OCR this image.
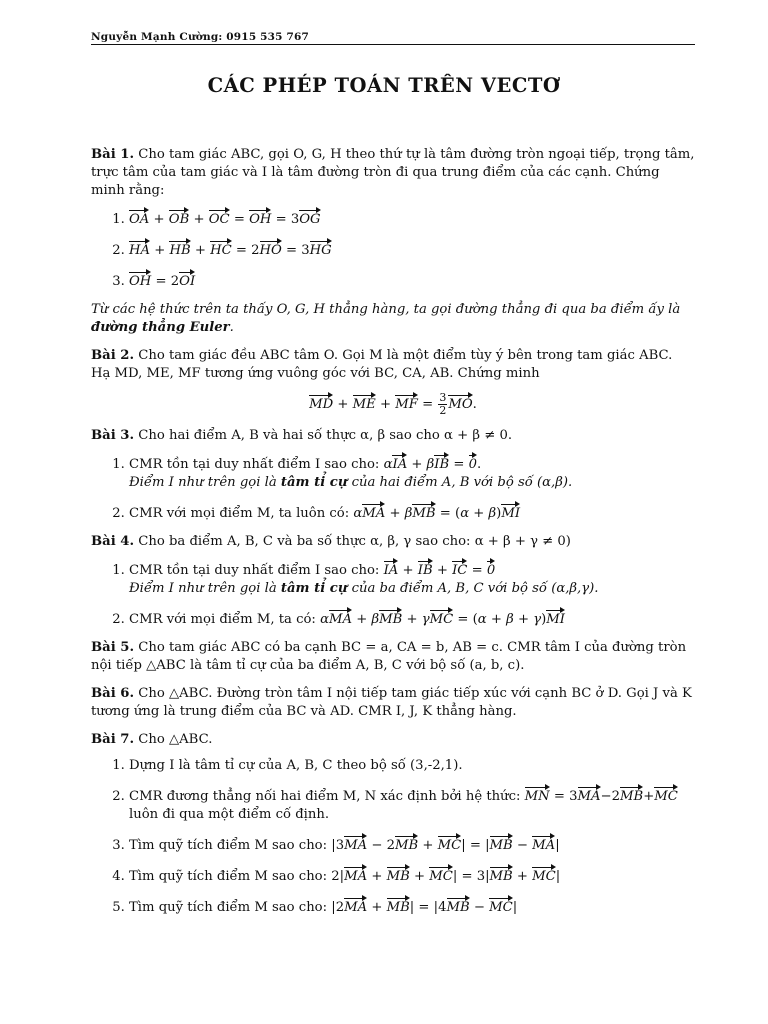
Nguyễn Mạnh Cường: 0915 535 767
CÁC PHÉP TOÁN TRÊN VECTƠ
Bài 1. Cho tam giác ABC, gọi O, G, H theo thứ tự là tâm đường tròn ngoại tiếp, trọng tâm, trực tâm của tam giác và I là tâm đường tròn đi qua trung điểm của các cạnh. Chứng minh rằng:
1. OA + OB + OC = OH = 3OG
2. HA + HB + HC = 2HO = 3HG
3. OH = 2OI
Từ các hệ thức trên ta thấy O, G, H thẳng hàng, ta gọi đường thẳng đi qua ba điểm ấy là đường thẳng Euler.
Bài 2. Cho tam giác đều ABC tâm O. Gọi M là một điểm tùy ý bên trong tam giác ABC. Hạ MD, ME, MF tương ứng vuông góc với BC, CA, AB. Chứng minh
MD + ME + MF = $\frac{3}{2}$ MO.
Bài 3. Cho hai điểm A, B và hai số thực α, β sao cho α + β ≠ 0.
1. CMR tồn tại duy nhất điểm I sao cho: αIA + βIB = 0.
Điểm I như trên gọi là tâm tỉ cự của hai điểm A, B với bộ số (α,β).
2. CMR với mọi điểm M, ta luôn có: αMA + βMB = (α + β)MI
Bài 4. Cho ba điểm A, B, C và ba số thực α, β, γ sao cho: α + β + γ ≠ 0)
1. CMR tồn tại duy nhất điểm I sao cho: IA + IB + IC = 0
Điểm I như trên gọi là tâm tỉ cự của ba điểm A, B, C với bộ số (α,β,γ).
2. CMR với mọi điểm M, ta có: αMA + βMB + γMC = (α + β + γ)MI
Bài 5. Cho tam giác ABC có ba cạnh BC = a, CA = b, AB = c. CMR tâm I của đường tròn nội tiếp △ABC là tâm tỉ cự của ba điểm A, B, C với bộ số (a, b, c).
Bài 6. Cho △ABC. Đường tròn tâm I nội tiếp tam giác tiếp xúc với cạnh BC ở D. Gọi J và K tương ứng là trung điểm của BC và AD. CMR I, J, K thẳng hàng.
Bài 7. Cho △ABC.
1. Dựng I là tâm tỉ cự của A, B, C theo bộ số (3,-2,1).
2. CMR đương thẳng nối hai điểm M, N xác định bởi hệ thức: MN = 3MA−2MB+MC
luôn đi qua một điểm cố định.
3. Tìm quỹ tích điểm M sao cho: |3MA − 2MB + MC| = |MB − MA|
4. Tìm quỹ tích điểm M sao cho: 2|MA + MB + MC| = 3|MB + MC|
5. Tìm quỹ tích điểm M sao cho: |2MA + MB| = |4MB − MC|
